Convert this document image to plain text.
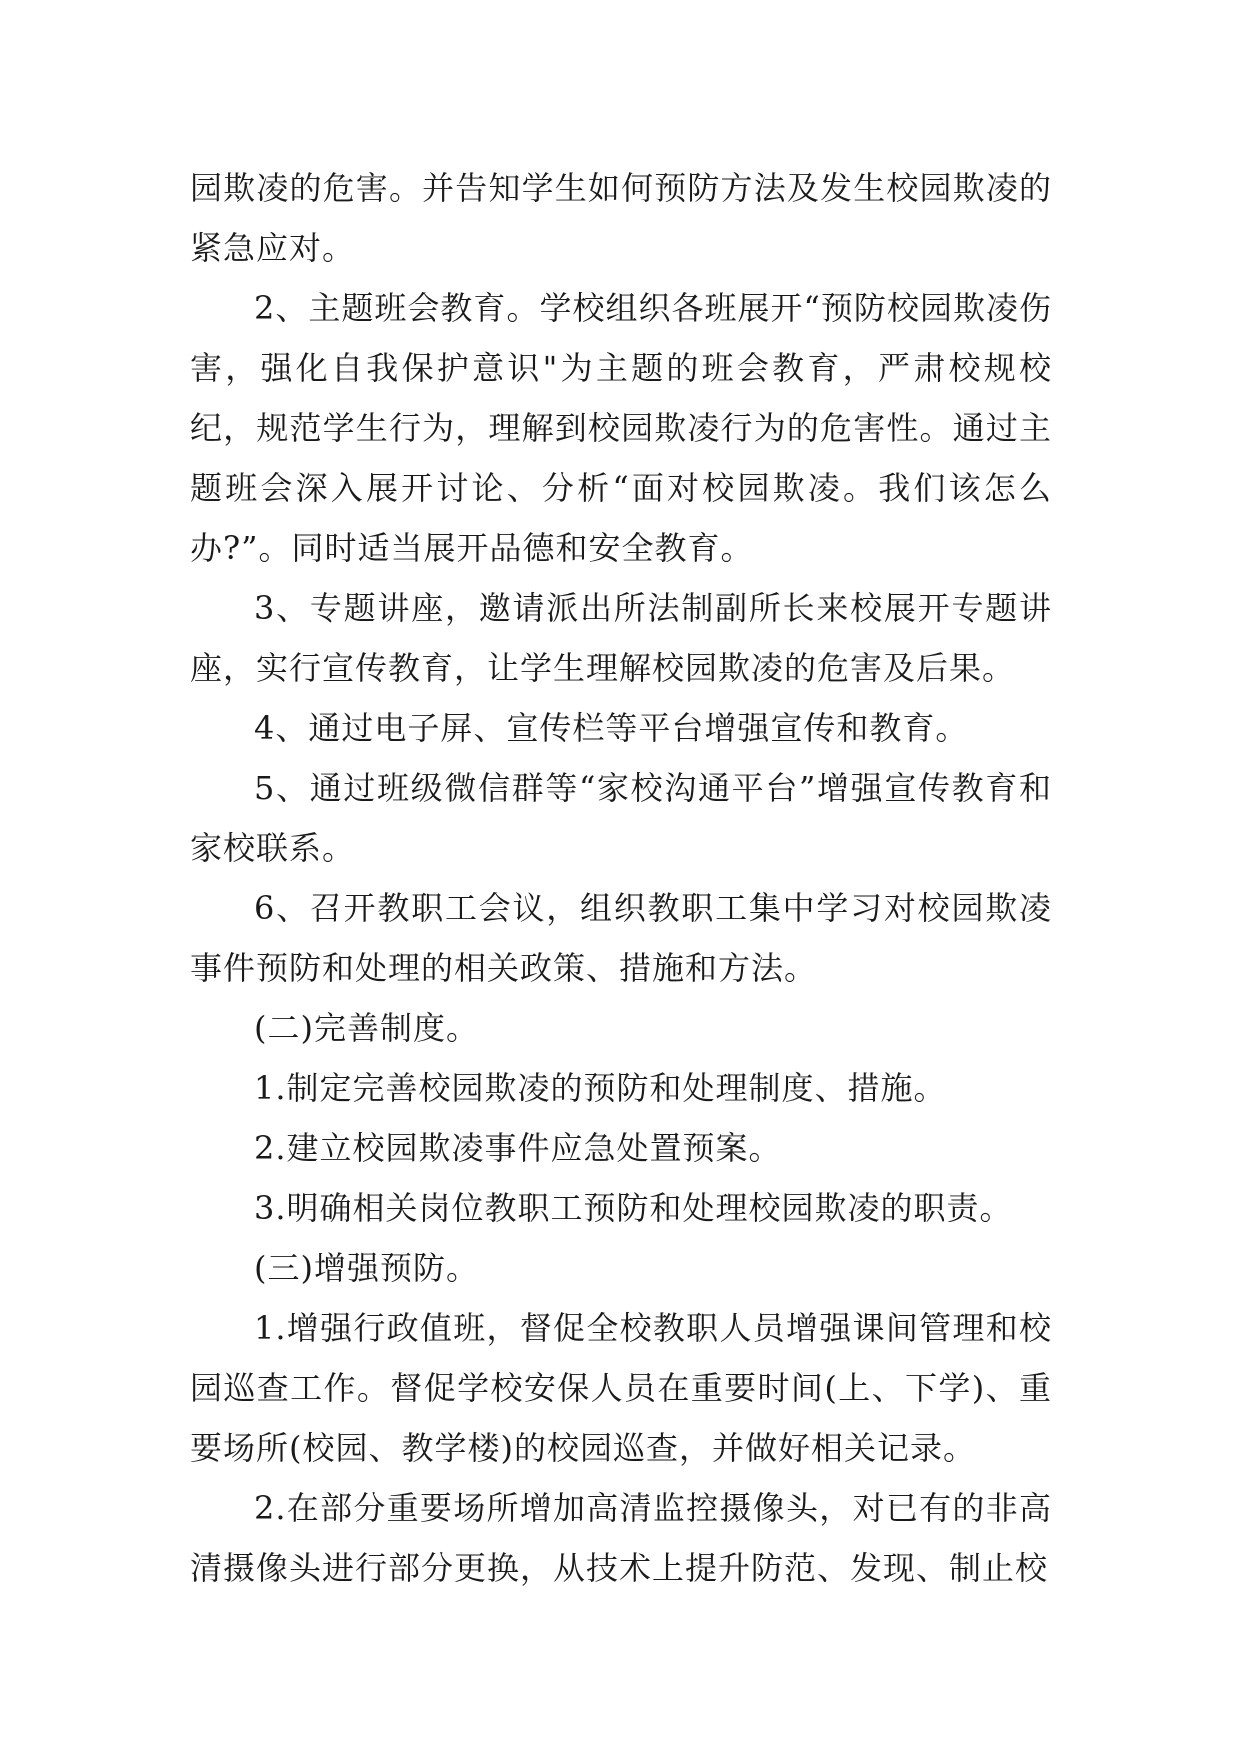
园欺凌的危害。并告知学生如何预防方法及发生校园欺凌的紧急应对。

2、主题班会教育。学校组织各班展开“预防校园欺凌伤害，强化自我保护意识"为主题的班会教育，严肃校规校纪，规范学生行为，理解到校园欺凌行为的危害性。通过主题班会深入展开讨论、分析“面对校园欺凌。我们该怎么办?”。同时适当展开品德和安全教育。

3、专题讲座，邀请派出所法制副所长来校展开专题讲座，实行宣传教育，让学生理解校园欺凌的危害及后果。

4、通过电子屏、宣传栏等平台增强宣传和教育。

5、通过班级微信群等“家校沟通平台”增强宣传教育和家校联系。

6、召开教职工会议，组织教职工集中学习对校园欺凌事件预防和处理的相关政策、措施和方法。

(二)完善制度。

1.制定完善校园欺凌的预防和处理制度、措施。

2.建立校园欺凌事件应急处置预案。

3.明确相关岗位教职工预防和处理校园欺凌的职责。

(三)增强预防。

1.增强行政值班，督促全校教职人员增强课间管理和校园巡查工作。督促学校安保人员在重要时间(上、下学)、重要场所(校园、教学楼)的校园巡查，并做好相关记录。

2.在部分重要场所增加高清监控摄像头，对已有的非高清摄像头进行部分更换，从技术上提升防范、发现、制止校
